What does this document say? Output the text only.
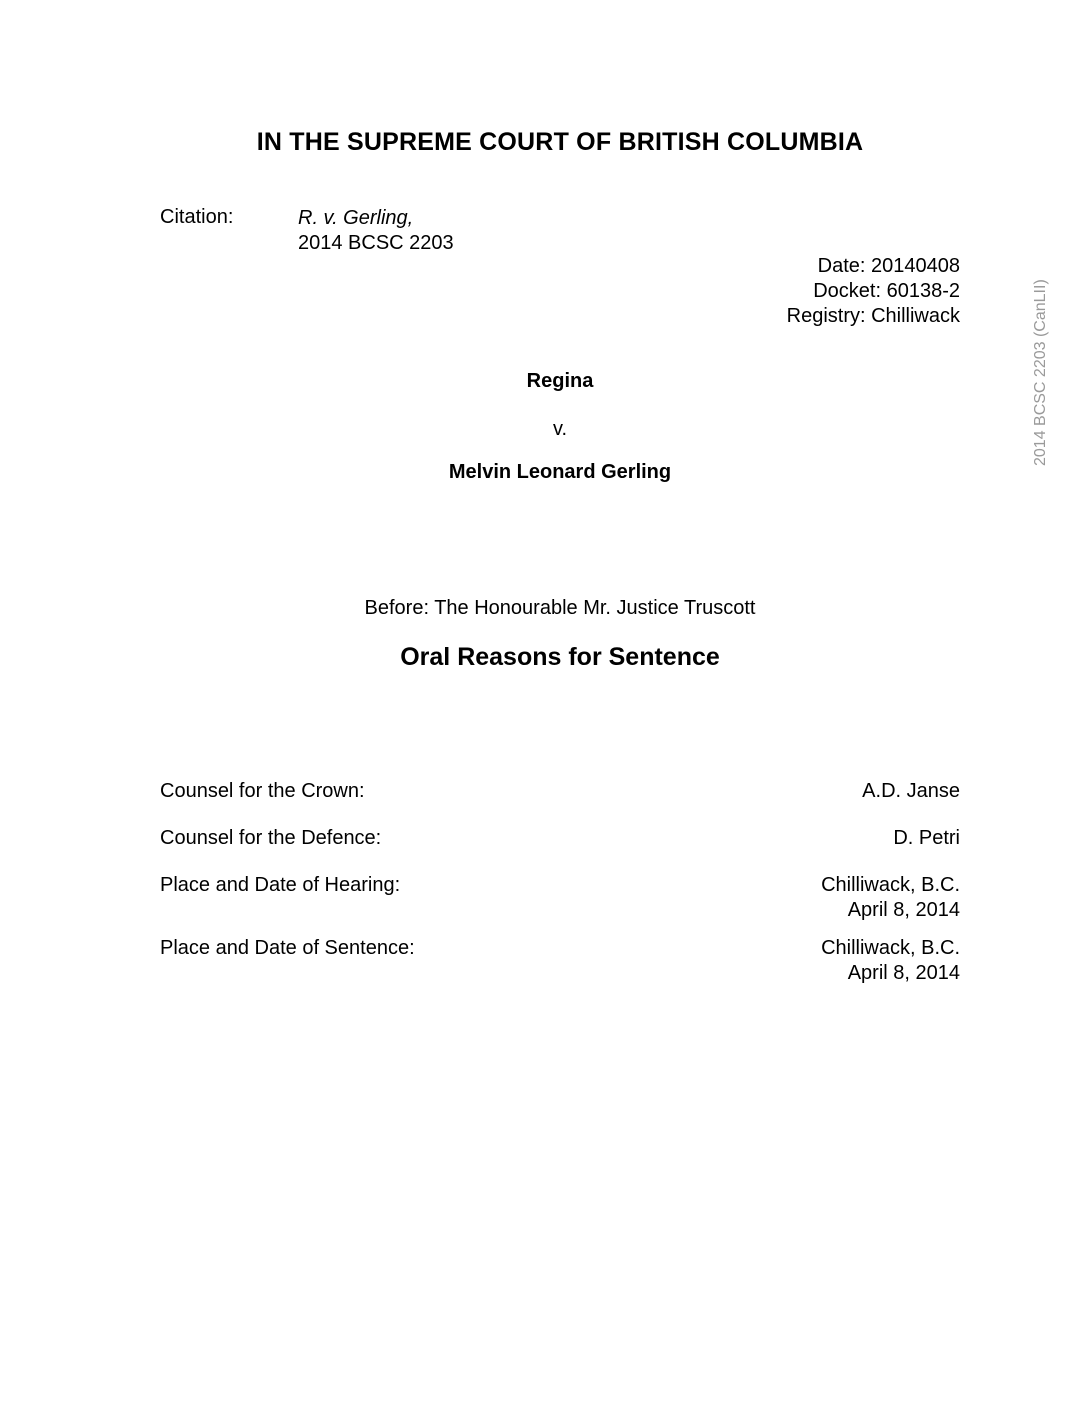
IN THE SUPREME COURT OF BRITISH COLUMBIA
Citation:	R. v. Gerling,
2014 BCSC 2203
Date: 20140408
Docket: 60138-2
Registry: Chilliwack
Regina
v.
Melvin Leonard Gerling
Before: The Honourable Mr. Justice Truscott
Oral Reasons for Sentence
Counsel for the Crown:	A.D. Janse
Counsel for the Defence:	D. Petri
Place and Date of Hearing:	Chilliwack, B.C.
April 8, 2014
Place and Date of Sentence:	Chilliwack, B.C.
April 8, 2014
2014 BCSC 2203 (CanLII)
